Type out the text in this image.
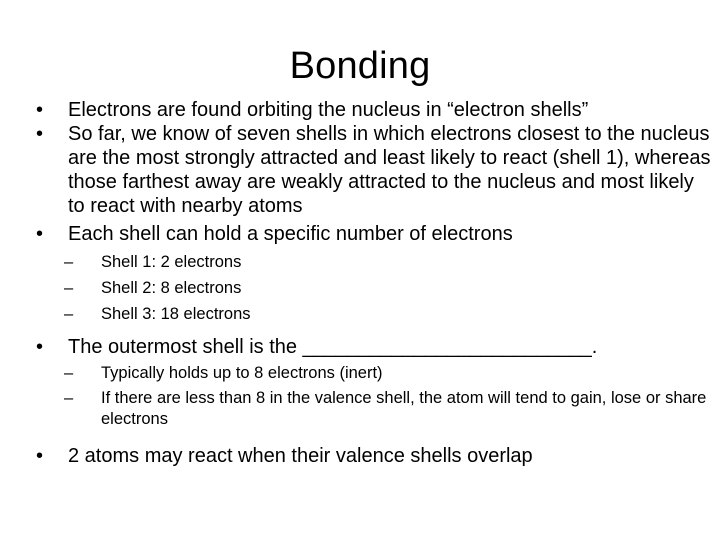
Bonding
•	Electrons are found orbiting the nucleus in “electron shells”
•	So far, we know of seven shells in which electrons closest to the nucleus are the most strongly attracted and least likely to react (shell 1), whereas those farthest away are weakly attracted to the nucleus and most likely to react with nearby atoms
•	Each shell can hold a specific number of electrons
– Shell 1: 2 electrons
– Shell 2: 8 electrons
– Shell 3: 18 electrons
•	The outermost shell is the __________________________.
– Typically holds up to 8 electrons (inert)
– If there are less than 8 in the valence shell, the atom will tend to gain, lose or share electrons
•	2 atoms may react when their valence shells overlap
